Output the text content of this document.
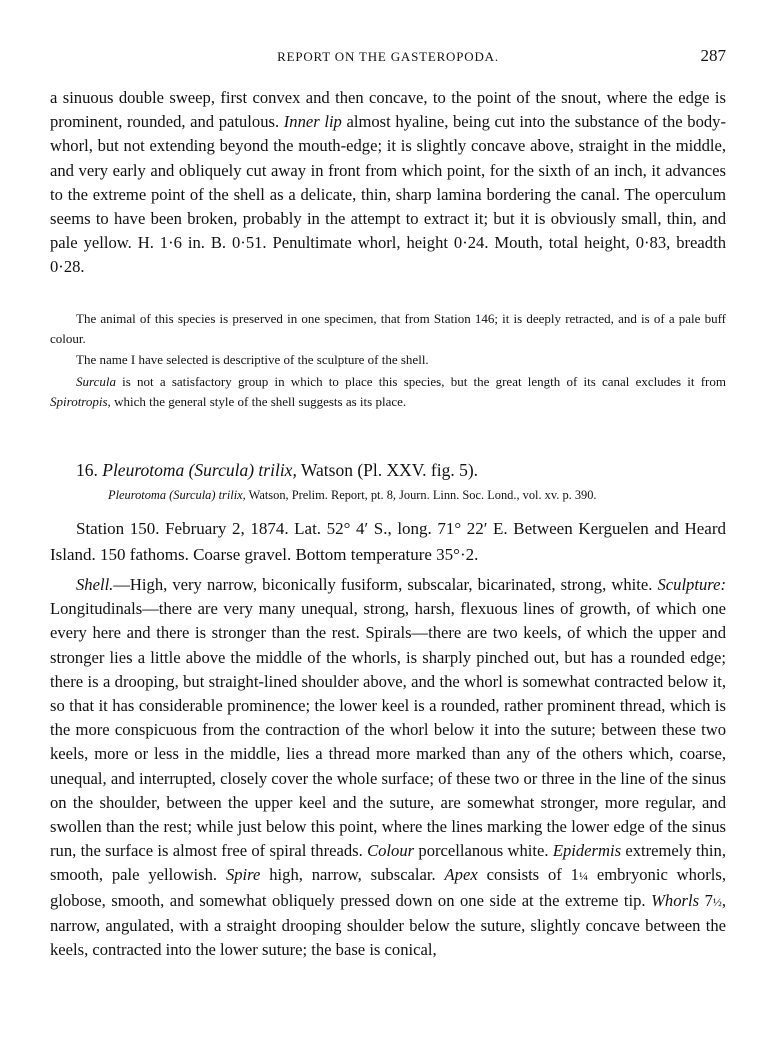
REPORT ON THE GASTEROPODA.	287
a sinuous double sweep, first convex and then concave, to the point of the snout, where the edge is prominent, rounded, and patulous. Inner lip almost hyaline, being cut into the substance of the body-whorl, but not extending beyond the mouth-edge; it is slightly concave above, straight in the middle, and very early and obliquely cut away in front from which point, for the sixth of an inch, it advances to the extreme point of the shell as a delicate, thin, sharp lamina bordering the canal. The operculum seems to have been broken, probably in the attempt to extract it; but it is obviously small, thin, and pale yellow. H. 1·6 in. B. 0·51. Penultimate whorl, height 0·24. Mouth, total height, 0·83, breadth 0·28.
The animal of this species is preserved in one specimen, that from Station 146; it is deeply retracted, and is of a pale buff colour.
The name I have selected is descriptive of the sculpture of the shell.
Surcula is not a satisfactory group in which to place this species, but the great length of its canal excludes it from Spirotropis, which the general style of the shell suggests as its place.
16. Pleurotoma (Surcula) trilix, Watson (Pl. XXV. fig. 5).
Pleurotoma (Surcula) trilix, Watson, Prelim. Report, pt. 8, Journ. Linn. Soc. Lond., vol. xv. p. 390.
Station 150. February 2, 1874. Lat. 52° 4′ S., long. 71° 22′ E. Between Kerguelen and Heard Island. 150 fathoms. Coarse gravel. Bottom temperature 35°·2.
Shell.—High, very narrow, biconically fusiform, subscalar, bicarinated, strong, white. Sculpture: Longitudinals—there are very many unequal, strong, harsh, flexuous lines of growth, of which one every here and there is stronger than the rest. Spirals—there are two keels, of which the upper and stronger lies a little above the middle of the whorls, is sharply pinched out, but has a rounded edge; there is a drooping, but straight-lined shoulder above, and the whorl is somewhat contracted below it, so that it has considerable prominence; the lower keel is a rounded, rather prominent thread, which is the more conspicuous from the contraction of the whorl below it into the suture; between these two keels, more or less in the middle, lies a thread more marked than any of the others which, coarse, unequal, and interrupted, closely cover the whole surface; of these two or three in the line of the sinus on the shoulder, between the upper keel and the suture, are somewhat stronger, more regular, and swollen than the rest; while just below this point, where the lines marking the lower edge of the sinus run, the surface is almost free of spiral threads. Colour porcellanous white. Epidermis extremely thin, smooth, pale yellowish. Spire high, narrow, subscalar. Apex consists of 1¼ embryonic whorls, globose, smooth, and somewhat obliquely pressed down on one side at the extreme tip. Whorls 7½, narrow, angulated, with a straight drooping shoulder below the suture, slightly concave between the keels, contracted into the lower suture; the base is conical,
